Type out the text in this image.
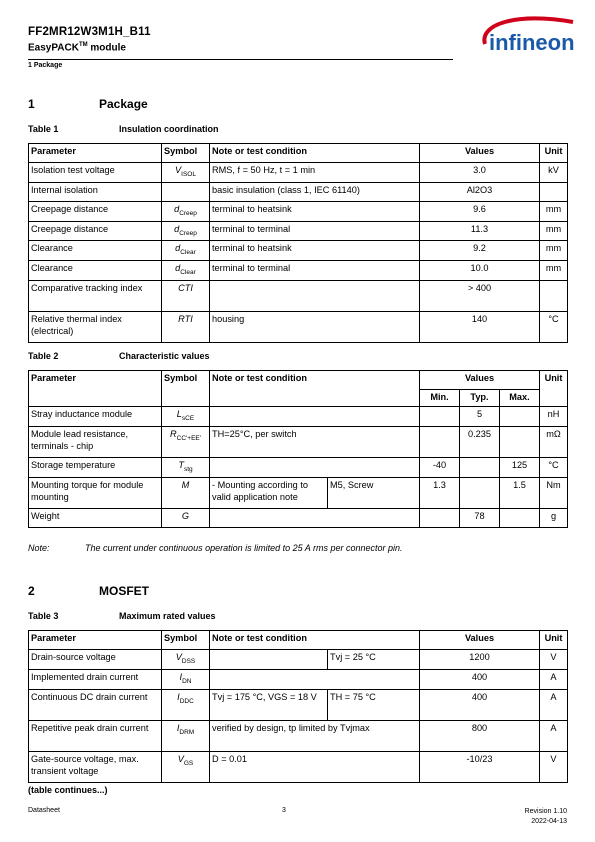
FF2MR12W3M1H_B11
EasyPACK™ module
1 Package
infineon
1	Package
Table 1	Insulation coordination
Parameter	Symbol	Note or test condition	Values	Unit
Isolation test voltage	$V_{ISOL}$	RMS, f = 50 Hz, t = 1 min	3.0	kV
Internal isolation		basic insulation (class 1, IEC 61140)	Al2O3	
Creepage distance	$d_{Creep}$	terminal to heatsink	9.6	mm
Creepage distance	$d_{Creep}$	terminal to terminal	11.3	mm
Clearance	$d_{Clear}$	terminal to heatsink	9.2	mm
Clearance	$d_{Clear}$	terminal to terminal	10.0	mm
Comparative tracking index	CTI		> 400	
Relative thermal index (electrical)	RTI	housing	140	°C
Table 2	Characteristic values
Parameter	Symbol	Note or test condition		Values			Unit
				Min.	Typ.	Max.	
Stray inductance module	$L_{sCE}$				5		nH
Module lead resistance, terminals - chip	$R_{CC'+EE'}$	TH=25°C, per switch			0.235		mΩ
Storage temperature	$T_{stg}$			-40		125	°C
Mounting torque for module mounting	M	- Mounting according to valid application note	M5, Screw	1.3		1.5	Nm
Weight	G				78		g
Note:	The current under continuous operation is limited to 25 A rms per connector pin.
2	MOSFET
Table 3	Maximum rated values
Parameter	Symbol	Note or test condition		Values	Unit
Drain-source voltage	$V_{DSS}$		Tvj = 25 °C	1200	V
Implemented drain current	$I_{DN}$			400	A
Continuous DC drain current	$I_{DDC}$	Tvj = 175 °C, VGS = 18 V	TH = 75 °C	400	A
Repetitive peak drain current	$I_{DRM}$	verified by design, tp limited by Tvjmax		800	A
Gate-source voltage, max. transient voltage	$V_{GS}$	D = 0.01		-10/23	V
(table continues...)
Datasheet	3	Revision 1.10
2022-04-13
